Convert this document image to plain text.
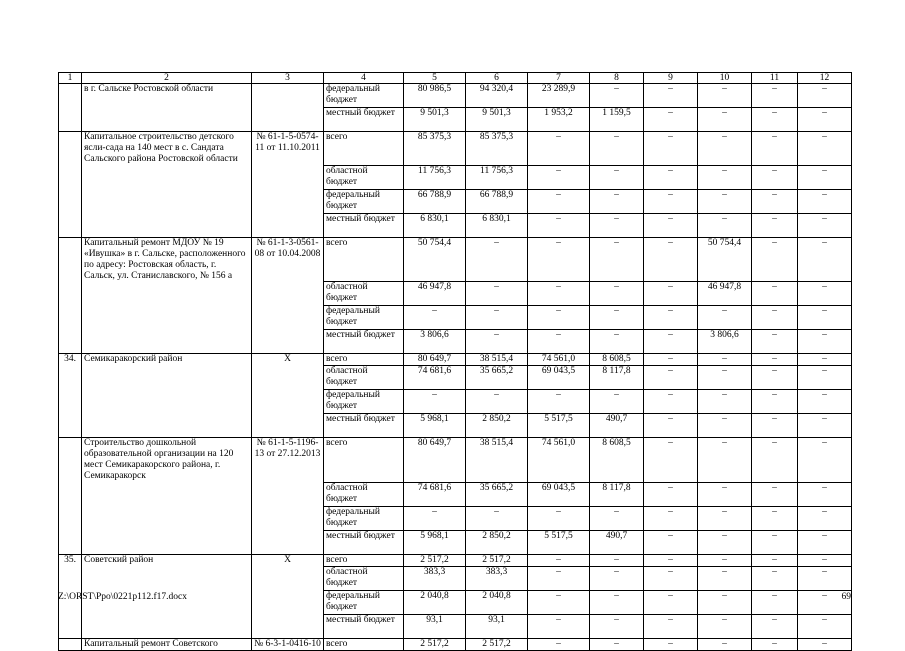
1	2	3	4	5	6	7	8	9	10	11	12
	в г. Сальске Ростовской области		федеральный бюджет	80 986,5	94 320,4	23 289,9	–	–	–	–	–
			местный бюджет	9 501,3	9 501,3	1 953,2	1 159,5	–	–	–	–
	Капитальное строительство детского ясли-сада на 140 мест в с. Сандата Сальского района Ростовской области	№ 61-1-5-0574-11 от 11.10.2011	всего	85 375,3	85 375,3	–	–	–	–	–	–
			областной бюджет	11 756,3	11 756,3	–	–	–	–	–	–
			федеральный бюджет	66 788,9	66 788,9	–	–	–	–	–	–
			местный бюджет	6 830,1	6 830,1	–	–	–	–	–	–
	Капитальный ремонт МДОУ № 19 «Ивушка» в г. Сальске, расположенного по адресу: Ростовская область, г. Сальск, ул. Станиславского, № 156 а	№ 61-1-3-0561-08 от 10.04.2008	всего	50 754,4	–	–	–	–	50 754,4	–	–
			областной бюджет	46 947,8	–	–	–	–	46 947,8	–	–
			федеральный бюджет	–	–	–	–	–	–	–	–
			местный бюджет	3 806,6	–	–	–	–	3 806,6	–	–
34.	Семикаракорский район	Х	всего	80 649,7	38 515,4	74 561,0	8 608,5	–	–	–	–
			областной бюджет	74 681,6	35 665,2	69 043,5	8 117,8	–	–	–	–
			федеральный бюджет	–	–	–	–	–	–	–	–
			местный бюджет	5 968,1	2 850,2	5 517,5	490,7	–	–	–	–
	Строительство дошкольной образовательной организации на 120 мест Семикаракорского района, г. Семикаракорск	№ 61-1-5-1196-13 от 27.12.2013	всего	80 649,7	38 515,4	74 561,0	8 608,5	–	–	–	–
			областной бюджет	74 681,6	35 665,2	69 043,5	8 117,8	–	–	–	–
			федеральный бюджет	–	–	–	–	–	–	–	–
			местный бюджет	5 968,1	2 850,2	5 517,5	490,7	–	–	–	–
35.	Советский район	Х	всего	2 517,2	2 517,2	–	–	–	–	–	–
			областной бюджет	383,3	383,3	–	–	–	–	–	–
			федеральный бюджет	2 040,8	2 040,8	–	–	–	–	–	–
			местный бюджет	93,1	93,1	–	–	–	–	–	–
	Капитальный ремонт Советского	№ 6-3-1-0416-10	всего	2 517,2	2 517,2	–	–	–	–	–	–
Z:\ORST\Ppo\0221p112.f17.docx	69
